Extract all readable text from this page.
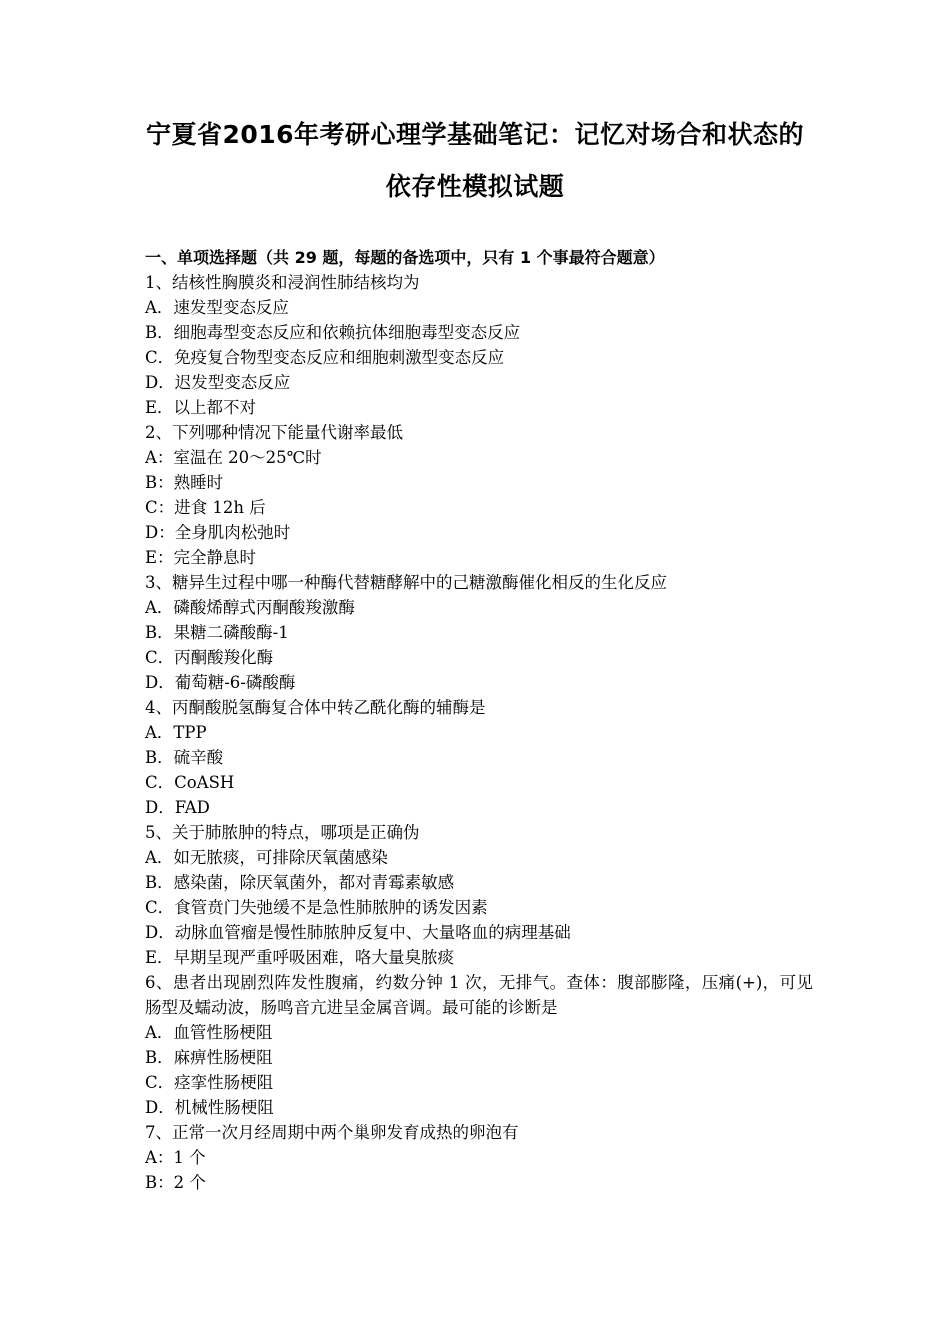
宁夏省2016年考研心理学基础笔记：记忆对场合和状态的
依存性模拟试题
一、单项选择题（共 29 题，每题的备选项中，只有 1 个事最符合题意）
1、结核性胸膜炎和浸润性肺结核均为
A．速发型变态反应
B．细胞毒型变态反应和依赖抗体细胞毒型变态反应
C．免疫复合物型变态反应和细胞刺激型变态反应
D．迟发型变态反应
E．以上都不对
2、下列哪种情况下能量代谢率最低
A：室温在 20～25℃时
B：熟睡时
C：进食 12h 后
D：全身肌肉松弛时
E：完全静息时
3、糖异生过程中哪一种酶代替糖酵解中的己糖激酶催化相反的生化反应
A．磷酸烯醇式丙酮酸羧激酶
B．果糖二磷酸酶-1
C．丙酮酸羧化酶
D．葡萄糖-6-磷酸酶
4、丙酮酸脱氢酶复合体中转乙酰化酶的辅酶是
A．TPP
B．硫辛酸
C．CoASH
D．FAD
5、关于肺脓肿的特点，哪项是正确伪
A．如无脓痰，可排除厌氧菌感染
B．感染菌，除厌氧菌外，都对青霉素敏感
C．食管贲门失弛缓不是急性肺脓肿的诱发因素
D．动脉血管瘤是慢性肺脓肿反复中、大量咯血的病理基础
E．早期呈现严重呼吸困难，咯大量臭脓痰
6、患者出现剧烈阵发性腹痛，约数分钟 1 次，无排气。查体：腹部膨隆，压痛(+)，可见肠型及蠕动波，肠鸣音亢进呈金属音调。最可能的诊断是
A．血管性肠梗阻
B．麻痹性肠梗阻
C．痉挛性肠梗阻
D．机械性肠梗阻
7、正常一次月经周期中两个巢卵发育成热的卵泡有
A：1 个
B：2 个
